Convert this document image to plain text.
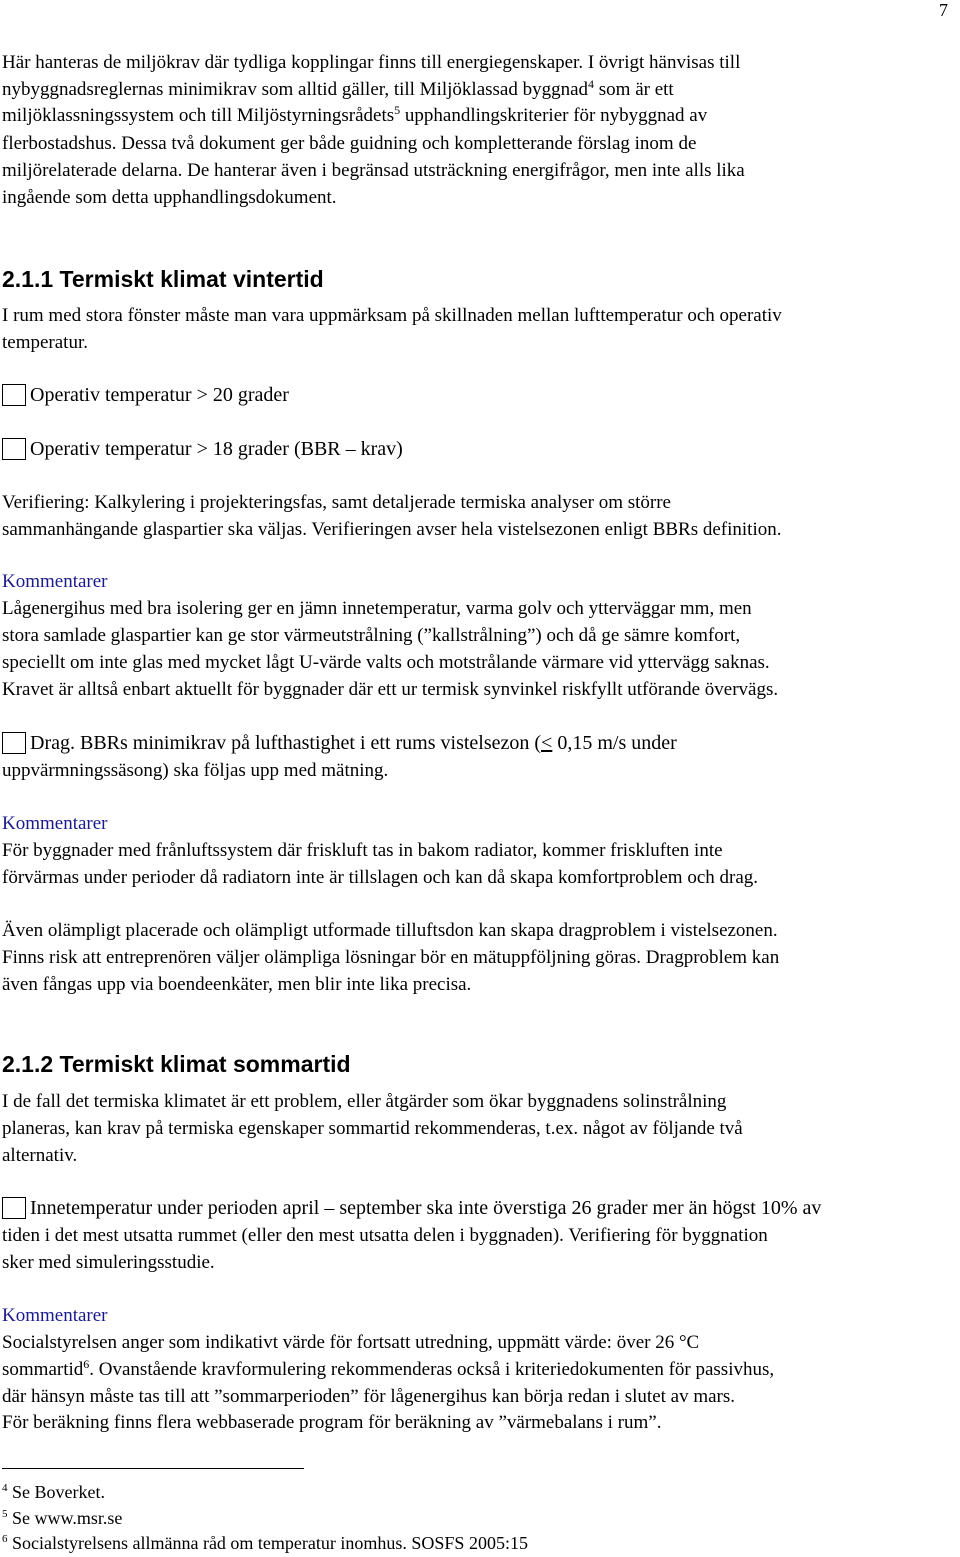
7
Här hanteras de miljökrav där tydliga kopplingar finns till energiegenskaper. I övrigt hänvisas till
nybyggnadsreglernas minimikrav som alltid gäller, till Miljöklassad byggnad$^4$ som är ett
miljöklassningssystem och till Miljöstyrningsrådets$^5$ upphandlingskriterier för nybyggnad av
flerbostadshus. Dessa två dokument ger både guidning och kompletterande förslag inom de
miljörelaterade delarna. De hanterar även i begränsad utsträckning energifrågor, men inte alls lika
ingående som detta upphandlingsdokument.
2.1.1 Termiskt klimat vintertid
I rum med stora fönster måste man vara uppmärksam på skillnaden mellan lufttemperatur och operativ
temperatur.
Operativ temperatur > 20 grader
Operativ temperatur > 18 grader (BBR – krav)
Verifiering: Kalkylering i projekteringsfas, samt detaljerade termiska analyser om större
sammanhängande glaspartier ska väljas. Verifieringen avser hela vistelsezonen enligt BBRs definition.
Kommentarer
Lågenergihus med bra isolering ger en jämn innetemperatur, varma golv och ytterväggar mm, men
stora samlade glaspartier kan ge stor värmeutstrålning (”kallstrålning”) och då ge sämre komfort,
speciellt om inte glas med mycket lågt U-värde valts och motstrålande värmare vid yttervägg saknas.
Kravet är alltså enbart aktuellt för byggnader där ett ur termisk synvinkel riskfyllt utförande övervägs.
Drag. BBRs minimikrav på lufthastighet i ett rums vistelsezon (< 0,15 m/s under
uppvärmningssäsong) ska följas upp med mätning.
Kommentarer
För byggnader med frånluftssystem där friskluft tas in bakom radiator, kommer friskluften inte
förvärmas under perioder då radiatorn inte är tillslagen och kan då skapa komfortproblem och drag.
Även olämpligt placerade och olämpligt utformade tilluftsdon kan skapa dragproblem i vistelsezonen.
Finns risk att entreprenören väljer olämpliga lösningar bör en mätuppföljning göras. Dragproblem kan
även fångas upp via boendeenkäter, men blir inte lika precisa.
2.1.2 Termiskt klimat sommartid
I de fall det termiska klimatet är ett problem, eller åtgärder som ökar byggnadens solinstrålning
planeras, kan krav på termiska egenskaper sommartid rekommenderas, t.ex. något av följande två
alternativ.
Innetemperatur under perioden april – september ska inte överstiga 26 grader mer än högst 10% av
tiden i det mest utsatta rummet (eller den mest utsatta delen i byggnaden). Verifiering för byggnation
sker med simuleringsstudie.
Kommentarer
Socialstyrelsen anger som indikativt värde för fortsatt utredning, uppmätt värde: över 26 °C
sommartid$^6$. Ovanstående kravformulering rekommenderas också i kriteriedokumenten för passivhus,
där hänsyn måste tas till att ”sommarperioden” för lågenergihus kan börja redan i slutet av mars.
För beräkning finns flera webbaserade program för beräkning av ”värmebalans i rum”.
$^4$ Se Boverket.
$^5$ Se www.msr.se
$^6$ Socialstyrelsens allmänna råd om temperatur inomhus. SOSFS 2005:15
